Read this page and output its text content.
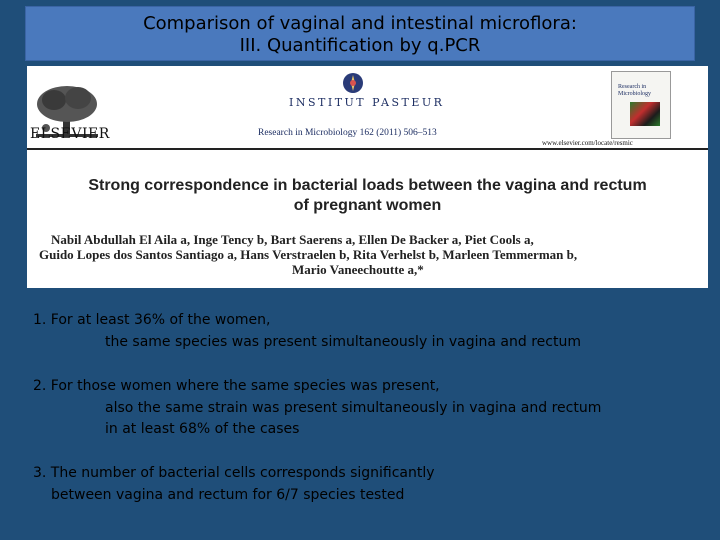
Comparison of vaginal and intestinal microflora:
III. Quantification by q.PCR
ELSEVIER
INSTITUT PASTEUR
Research in Microbiology 162 (2011) 506–513
Research in
Microbiology
www.elsevier.com/locate/resmic
Strong correspondence in bacterial loads between the vagina and rectum
of pregnant women
Nabil Abdullah El Aila a, Inge Tency b, Bart Saerens a, Ellen De Backer a, Piet Cools a,
Guido Lopes dos Santos Santiago a, Hans Verstraelen b, Rita Verhelst b, Marleen Temmerman b,
Mario Vaneechoutte a,*
1. For at least 36% of the women,
the same species was present simultaneously in vagina and rectum
2. For those women where the same species was present,
also the same strain was present simultaneously in vagina and rectum
in at least 68% of the cases
3. The number of bacterial cells corresponds significantly
between vagina and rectum for 6/7 species tested
